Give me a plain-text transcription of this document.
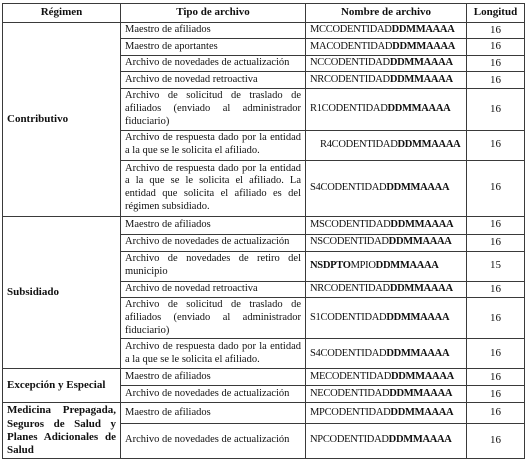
Régimen	Tipo de archivo	Nombre de archivo	Longitud
Contributivo	Maestro de afiliados	MCCODENTIDADDDMMAAAA	16
	Maestro de aportantes	MACODENTIDADDDMMAAAA	16
	Archivo de novedades de actualización	NCCODENTIDADDDMMAAAA	16
	Archivo de novedad retroactiva	NRCODENTIDADDDMMAAAA	16
	Archivo de solicitud de traslado de afiliados (enviado al administrador fiduciario)	R1CODENTIDADDDMMAAAA	16
	Archivo de respuesta dado por la entidad a la que se le solicita el afiliado.	R4CODENTIDADDDMMAAAA	16
	Archivo de respuesta dado por la entidad a la que se le solicita el afiliado. La entidad que solicita el afiliado es del régimen subsidiado.	S4CODENTIDADDDMMAAAA	16
Subsidiado	Maestro de afiliados	MSCODENTIDADDDMMAAAA	16
	Archivo de novedades de actualización	NSCODENTIDADDDMMAAAA	16
	Archivo de novedades de retiro del municipio	NSDPTOMPIODDMMAAAA	15
	Archivo de novedad retroactiva	NRCODENTIDADDDMMAAAA	16
	Archivo de solicitud de traslado de afiliados (enviado al administrador fiduciario)	S1CODENTIDADDDMMAAAA	16
	Archivo de respuesta dado por la entidad a la que se le solicita el afiliado.	S4CODENTIDADDDMMAAAA	16
Excepción y Especial	Maestro de afiliados	MECODENTIDADDDMMAAAA	16
	Archivo de novedades de actualización	NECODENTIDADDDMMAAAA	16
Medicina Prepagada, Seguros de Salud y Planes Adicionales de Salud	Maestro de afiliados	MPCODENTIDADDDMMAAAA	16
	Archivo de novedades de actualización	NPCODENTIDADDDMMAAAA	16
